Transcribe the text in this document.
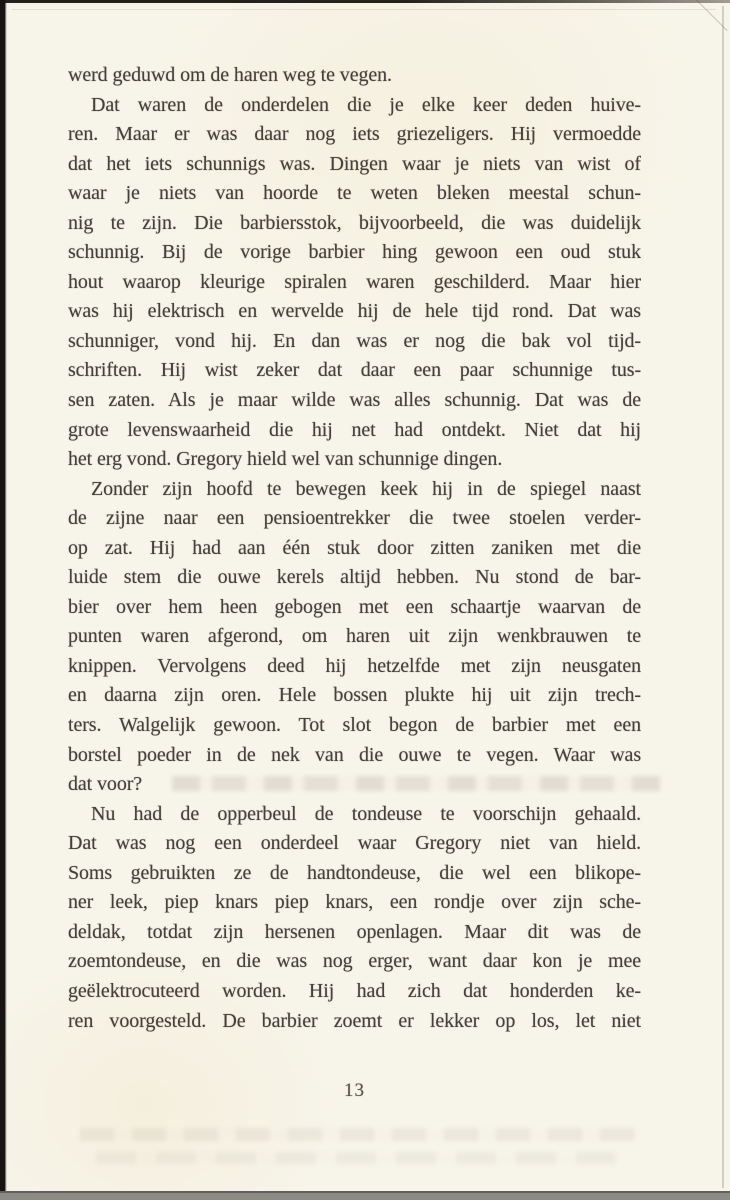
werd geduwd om de haren weg te vegen.
Dat waren de onderdelen die je elke keer deden huive-
ren. Maar er was daar nog iets griezeligers. Hij vermoedde
dat het iets schunnigs was. Dingen waar je niets van wist of
waar je niets van hoorde te weten bleken meestal schun-
nig te zijn. Die barbiersstok, bijvoorbeeld, die was duidelijk
schunnig. Bij de vorige barbier hing gewoon een oud stuk
hout waarop kleurige spiralen waren geschilderd. Maar hier
was hij elektrisch en wervelde hij de hele tijd rond. Dat was
schunniger, vond hij. En dan was er nog die bak vol tijd-
schriften. Hij wist zeker dat daar een paar schunnige tus-
sen zaten. Als je maar wilde was alles schunnig. Dat was de
grote levenswaarheid die hij net had ontdekt. Niet dat hij
het erg vond. Gregory hield wel van schunnige dingen.
Zonder zijn hoofd te bewegen keek hij in de spiegel naast
de zijne naar een pensioentrekker die twee stoelen verder-
op zat. Hij had aan één stuk door zitten zaniken met die
luide stem die ouwe kerels altijd hebben. Nu stond de bar-
bier over hem heen gebogen met een schaartje waarvan de
punten waren afgerond, om haren uit zijn wenkbrauwen te
knippen. Vervolgens deed hij hetzelfde met zijn neusgaten
en daarna zijn oren. Hele bossen plukte hij uit zijn trech-
ters. Walgelijk gewoon. Tot slot begon de barbier met een
borstel poeder in de nek van die ouwe te vegen. Waar was
dat voor?
Nu had de opperbeul de tondeuse te voorschijn gehaald.
Dat was nog een onderdeel waar Gregory niet van hield.
Soms gebruikten ze de handtondeuse, die wel een blikope-
ner leek, piep knars piep knars, een rondje over zijn sche-
deldak, totdat zijn hersenen openlagen. Maar dit was de
zoemtondeuse, en die was nog erger, want daar kon je mee
geëlektrocuteerd worden. Hij had zich dat honderden ke-
ren voorgesteld. De barbier zoemt er lekker op los, let niet
13
